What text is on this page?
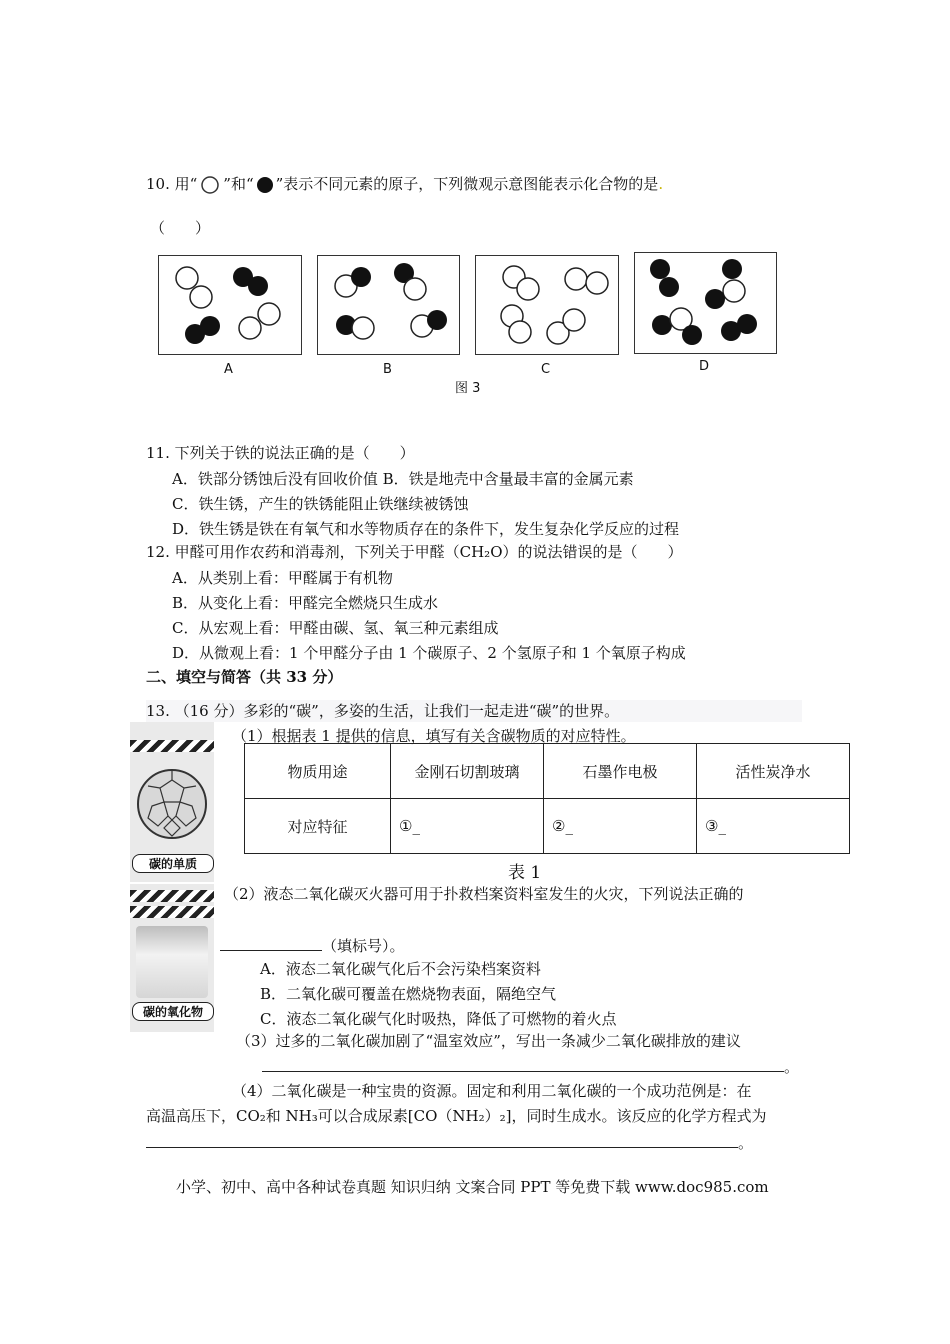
10. 用“ ”和“ ”表示不同元素的原子，下列微观示意图能表示化合物的是.
（　　）
A	B	C	D
图 3
11. 下列关于铁的说法正确的是（　　）
A．铁部分锈蚀后没有回收价值 B．铁是地壳中含量最丰富的金属元素
C．铁生锈，产生的铁锈能阻止铁继续被锈蚀
D．铁生锈是铁在有氧气和水等物质存在的条件下，发生复杂化学反应的过程
12. 甲醛可用作农药和消毒剂，下列关于甲醛（CH₂O）的说法错误的是（　　）
A．从类别上看：甲醛属于有机物
B．从变化上看：甲醛完全燃烧只生成水
C．从宏观上看：甲醛由碳、氢、氧三种元素组成
D．从微观上看：1 个甲醛分子由 1 个碳原子、2 个氢原子和 1 个氧原子构成
二、填空与简答（共 33 分）
13. （16 分）多彩的“碳”，多姿的生活，让我们一起走进“碳”的世界。
碳的单质
碳的氧化物
（1）根据表 1 提供的信息，填写有关含碳物质的对应特性。
物质用途	金刚石切割玻璃	石墨作电极	活性炭净水
对应特征	①_	②_	③_
表 1
（2）液态二氧化碳灭火器可用于扑救档案资料室发生的火灾，下列说法正确的
（填标号）。
A．液态二氧化碳气化后不会污染档案资料
B．二氧化碳可覆盖在燃烧物表面，隔绝空气
C．液态二氧化碳气化时吸热，降低了可燃物的着火点
（3）过多的二氧化碳加剧了“温室效应”，写出一条减少二氧化碳排放的建议
。
（4）二氧化碳是一种宝贵的资源。固定和利用二氧化碳的一个成功范例是：在
高温高压下，CO₂和 NH₃可以合成尿素[CO（NH₂）₂]，同时生成水。该反应的化学方程式为
。
小学、初中、高中各种试卷真题 知识归纳 文案合同 PPT 等免费下载 www.doc985.com
